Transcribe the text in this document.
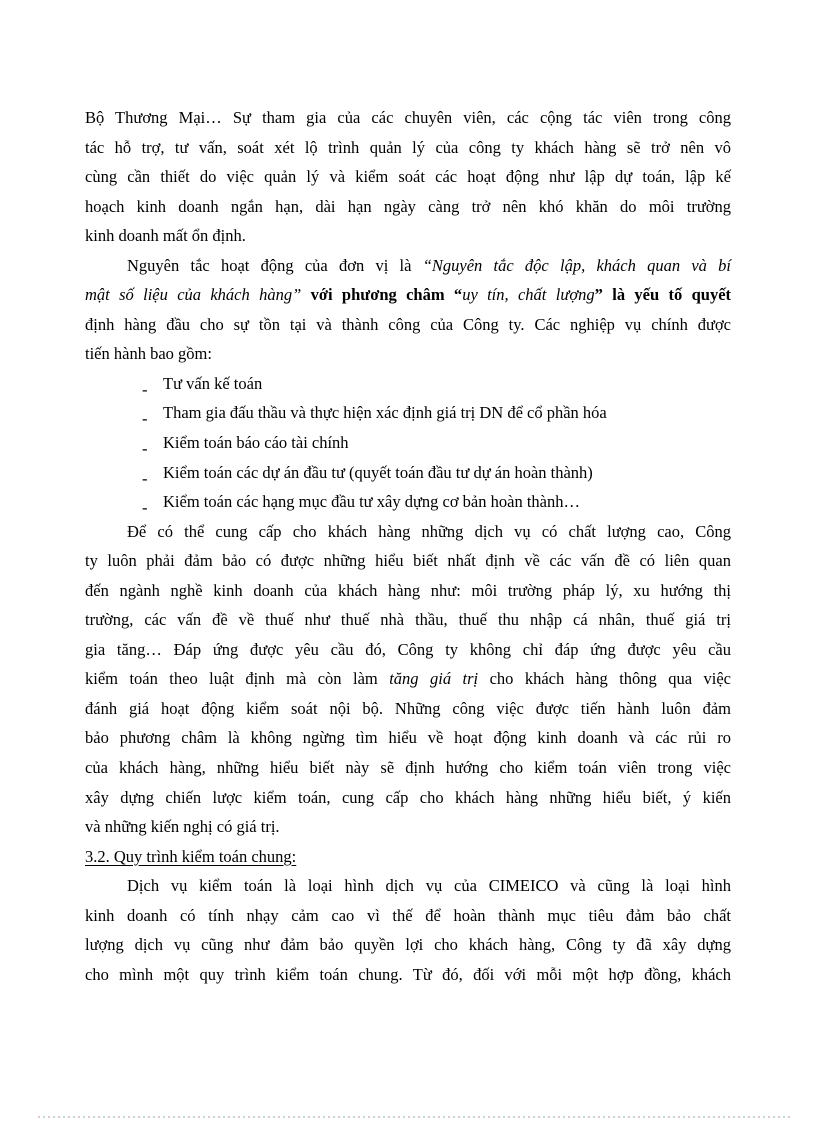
Bộ Thương Mại… Sự tham gia của các chuyên viên, các cộng tác viên trong công
tác hỗ trợ, tư vấn, soát xét lộ trình quản lý của công ty khách hàng sẽ trở nên vô
cùng cần thiết do việc quản lý và kiểm soát các hoạt động như lập dự toán, lập kế
hoạch kinh doanh ngắn hạn, dài hạn ngày càng trở nên khó khăn do môi trường
kinh doanh mất ổn định.
Nguyên tắc hoạt động của đơn vị là “Nguyên tắc độc lập, khách quan và bí
mật số liệu của khách hàng” với phương châm “uy tín, chất lượng” là yếu tố quyết
định hàng đầu cho sự tồn tại và thành công của Công ty. Các nghiệp vụ chính được
tiến hành bao gồm:
- Tư vấn kế toán
- Tham gia đấu thầu và thực hiện xác định giá trị DN để cổ phần hóa
- Kiểm toán báo cáo tài chính
- Kiểm toán các dự án đầu tư (quyết toán đầu tư dự án hoàn thành)
- Kiểm toán các hạng mục đầu tư xây dựng cơ bản hoàn thành…
Để có thể cung cấp cho khách hàng những dịch vụ có chất lượng cao, Công
ty luôn phải đảm bảo có được những hiểu biết nhất định về các vấn đề có liên quan
đến ngành nghề kinh doanh của khách hàng như: môi trường pháp lý, xu hướng thị
trường, các vấn đề về thuế như thuế nhà thầu, thuế thu nhập cá nhân, thuế giá trị
gia tăng… Đáp ứng được yêu cầu đó, Công ty không chỉ đáp ứng được yêu cầu
kiểm toán theo luật định mà còn làm tăng giá trị cho khách hàng thông qua việc
đánh giá hoạt động kiểm soát nội bộ. Những công việc được tiến hành luôn đảm
bảo phương châm là không ngừng tìm hiểu về hoạt động kinh doanh và các rủi ro
của khách hàng, những hiểu biết này sẽ định hướng cho kiểm toán viên trong việc
xây dựng chiến lược kiểm toán, cung cấp cho khách hàng những hiểu biết, ý kiến
và những kiến nghị có giá trị.
3.2. Quy trình kiểm toán chung:
Dịch vụ kiểm toán là loại hình dịch vụ của CIMEICO và cũng là loại hình
kinh doanh có tính nhạy cảm cao vì thế để hoàn thành mục tiêu đảm bảo chất
lượng dịch vụ cũng như đảm bảo quyền lợi cho khách hàng, Công ty đã xây dựng
cho mình một quy trình kiểm toán chung. Từ đó, đối với mỗi một hợp đồng, khách
